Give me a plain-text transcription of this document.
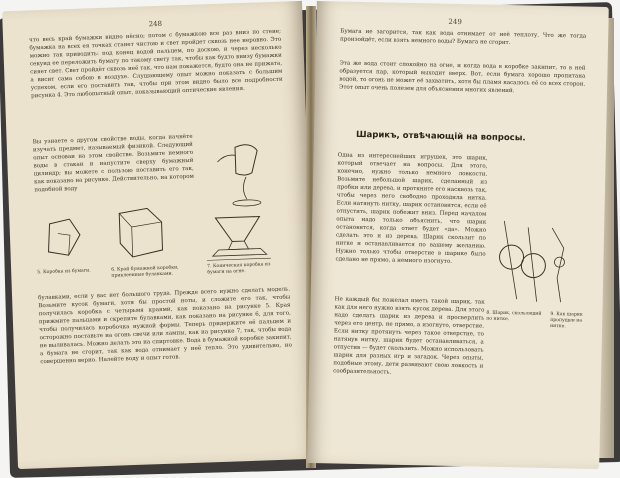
248

что весь край бумажки видно нёсно; потом с бумажкою все раз вниз по стене; бумажка на всех ея точках станет чистою и свет пройдет сквозь нее неровно. Это можно так приводить: под конец водой пальцем, по доскою, и через несколько секунд ее переложить бумагу по такому свету так, чтобы как будто внизу бумажки сияет свет. Свет пройдёт сквозь неё так, что нам покажется, будто она не прижата, а висит сама собою в воздухе. Слушающему опыт можно показать с большим успехом, если его поставить так, чтобы при этом видно было все подробности рисунка 4. Это любопытный опыт, показывающий оптические явления.

Вы узнаете о другом свойстве воды, когда начнёте изучать предмет, называемый физикой. Следующий опыт основан на этом свойстве. Возьмите немного воды в стакан и напустите сверху бумажный цилиндр; вы можете с пользою поставить его так, как показано на рисунке. Действительно, на котором подобной воду

5. Коробка из бумаги.	6. Край бумажной коробки, приклеенные булавками.
7. Коническая коробка из бумаги на огне.

булавками, если у вас нет большого труда. Прежде всего нужно сделать модель. Возьмите кусок бумаги, хотя бы простой ноты, и сложите его так, чтобы получилась коробка с четырьмя краями, как показано на рисунке 5. Края прижмите пальцами и скрепите булавками, как показано на рисунке 6, для того, чтобы получилась коробочка нужной формы. Теперь придержите её пальцем и осторожно поставьте на огонь свечи или лампы, как на рисунке 7, так, чтобы вода не выливалась. Можно делать это на спиртовке. Вода в бумажной коробке закипит, а бумага не сгорит, так как вода отнимает у неё тепло. Это удивительно, но совершенно верно. Налейте воду и опыт готов.

249

Бумага не загорится, так как вода отнимает от неё теплоту. Что же тогда произойдёт, если взять немного воды? Бумага не сгорит.

Эта же вода стоит спокойно на огне, и когда вода в коробке закипит, то в ней образуется пар, который выходит вверх. Вот, если бумага хорошо пропитана водой, то огонь не может её захватить, хотя бы пламя касалось её со всех сторон. Этот опыт очень полезен для объяснения многих явлений.

Шарикъ, отвѣчающiй на вопросы.

Одна из интереснейших игрушек, это шарик, который отвечает на вопросы. Для этого, конечно, нужно только немного ловкости. Возьмите небольшой шарик, сделанный из пробки или дерева, и проткните его насквозь так, чтобы через него свободно проходила нитка. Если натянуть нитку, шарик остановится, если её отпустить, шарик побежит вниз. Перед началом опыта надо только объяснить, что шарик остановится, когда ответ будет «да». Можно сделать это и из дерева. Шарик скользит по нитке и останавливается по вашему желанию. Нужно только чтобы отверстие в шарике было сделано не прямо, а немного изогнуто.

8. Шарик, скользящий по нитке.
9. Как шарик пропущен на нитке.

Не каждый бы пожелал иметь такой шарик, так как для него нужно взять кусок дерева. Для этого надо сделать шарик из дерева и просверлить через его центр, не прямо, а изогнуто, отверстие. Если нитку протянуть через такое отверстие, то натянув нитку, шарик будет останавливаться, а отпустив — будет скользить. Можно использовать шарик для разных игр и загадок. Через опыты, подобные этому, дети развивают свою ловкость и сообразительность.
